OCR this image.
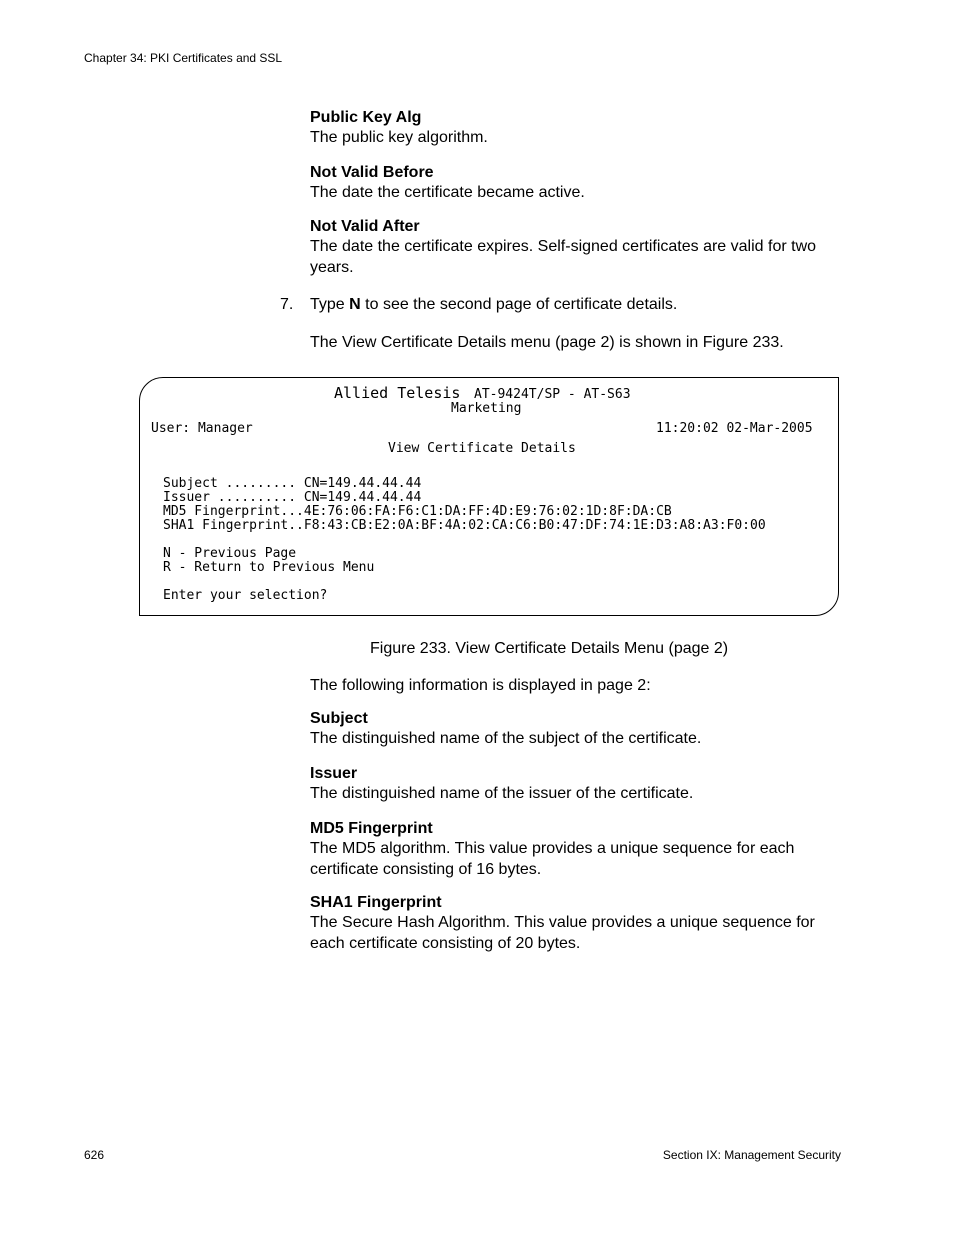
Chapter 34: PKI Certificates and SSL
Public Key Alg
The public key algorithm.
Not Valid Before
The date the certificate became active.
Not Valid After
The date the certificate expires. Self-signed certificates are valid for two years.
7. Type N to see the second page of certificate details.
The View Certificate Details menu (page 2) is shown in Figure 233.
Allied Telesis AT-9424T/SP - AT-S63
Marketing
User: Manager	11:20:02 02-Mar-2005
View Certificate Details
Subject ......... CN=149.44.44.44
Issuer .......... CN=149.44.44.44
MD5 Fingerprint...4E:76:06:FA:F6:C1:DA:FF:4D:E9:76:02:1D:8F:DA:CB
SHA1 Fingerprint..F8:43:CB:E2:0A:BF:4A:02:CA:C6:B0:47:DF:74:1E:D3:A8:A3:F0:00
N - Previous Page
R - Return to Previous Menu
Enter your selection?
Figure 233. View Certificate Details Menu (page 2)
The following information is displayed in page 2:
Subject
The distinguished name of the subject of the certificate.
Issuer
The distinguished name of the issuer of the certificate.
MD5 Fingerprint
The MD5 algorithm. This value provides a unique sequence for each certificate consisting of 16 bytes.
SHA1 Fingerprint
The Secure Hash Algorithm. This value provides a unique sequence for each certificate consisting of 20 bytes.
626	Section IX: Management Security
